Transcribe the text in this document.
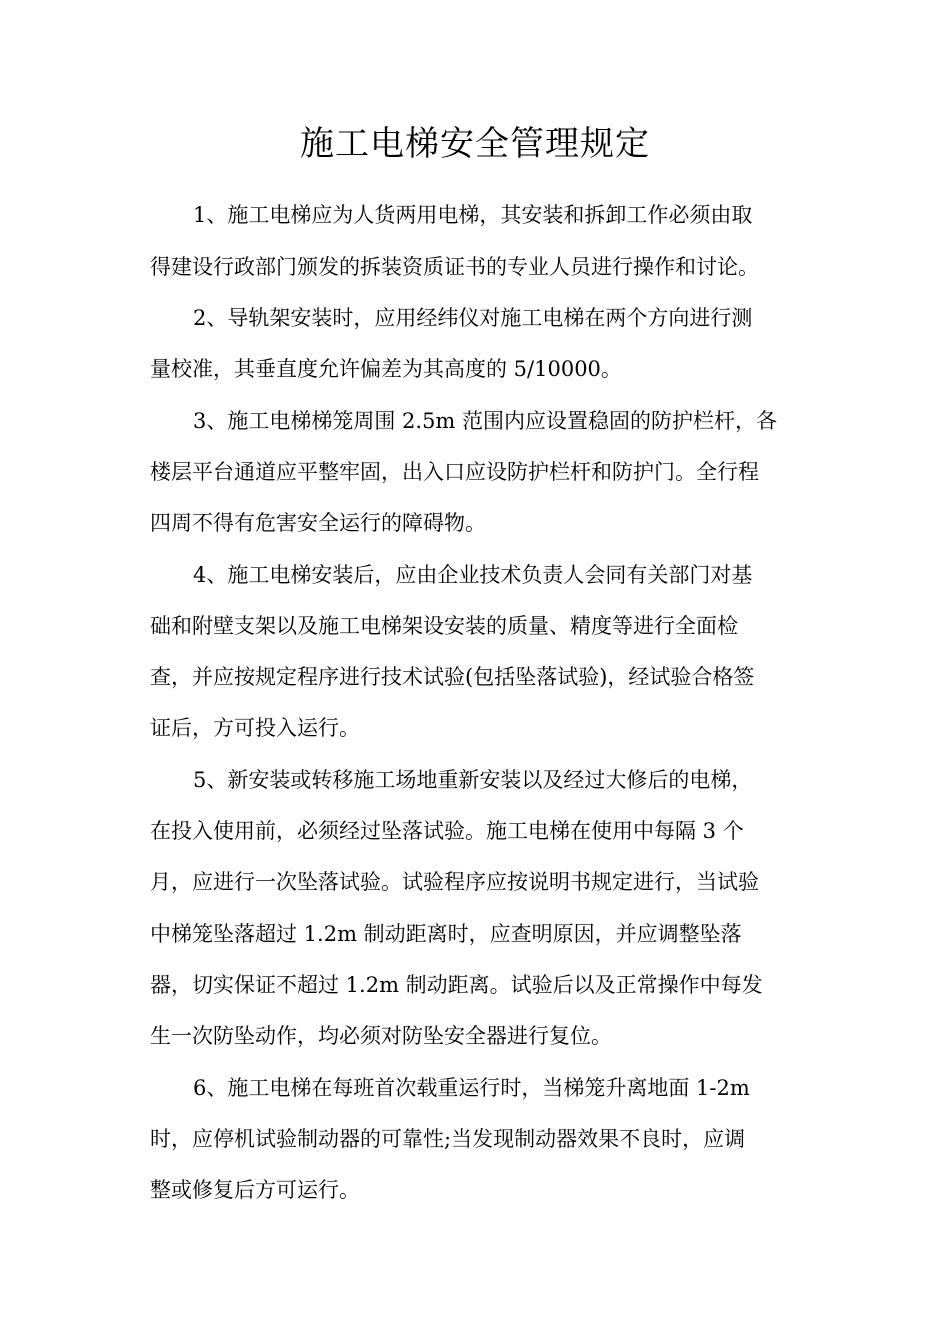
施工电梯安全管理规定
1、施工电梯应为人货两用电梯，其安装和拆卸工作必须由取
得建设行政部门颁发的拆装资质证书的专业人员进行操作和讨论。
2、导轨架安装时，应用经纬仪对施工电梯在两个方向进行测
量校准，其垂直度允许偏差为其高度的 5/10000。
3、施工电梯梯笼周围 2.5m 范围内应设置稳固的防护栏杆，各
楼层平台通道应平整牢固，出入口应设防护栏杆和防护门。全行程
四周不得有危害安全运行的障碍物。
4、施工电梯安装后，应由企业技术负责人会同有关部门对基
础和附壁支架以及施工电梯架设安装的质量、精度等进行全面检
查，并应按规定程序进行技术试验(包括坠落试验)，经试验合格签
证后，方可投入运行。
5、新安装或转移施工场地重新安装以及经过大修后的电梯，
在投入使用前，必须经过坠落试验。施工电梯在使用中每隔 3 个
月，应进行一次坠落试验。试验程序应按说明书规定进行，当试验
中梯笼坠落超过 1.2m 制动距离时，应查明原因，并应调整坠落
器，切实保证不超过 1.2m 制动距离。试验后以及正常操作中每发
生一次防坠动作，均必须对防坠安全器进行复位。
6、施工电梯在每班首次载重运行时，当梯笼升离地面 1-2m
时，应停机试验制动器的可靠性;当发现制动器效果不良时，应调
整或修复后方可运行。
